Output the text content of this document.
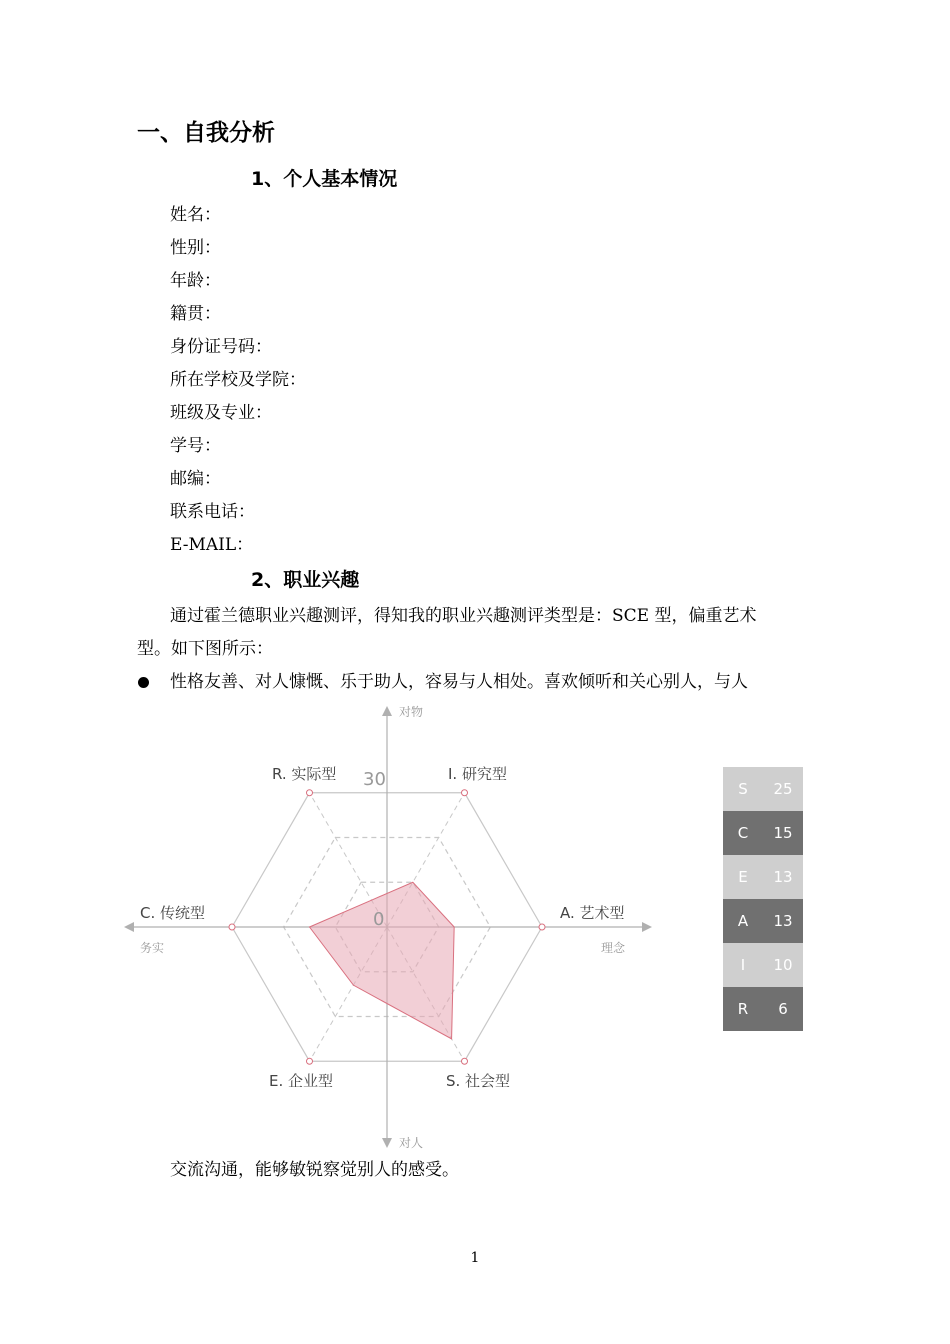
一、自我分析
1、个人基本情况
姓名：
性别：
年龄：
籍贯：
身份证号码：
所在学校及学院：
班级及专业：
学号：
邮编：
联系电话：
E-MAIL：
2、职业兴趣
通过霍兰德职业兴趣测评，得知我的职业兴趣测评类型是：SCE 型，偏重艺术
型。如下图所示：
性格友善、对人慷慨、乐于助人，容易与人相处。喜欢倾听和关心别人，与人
R. 实际型	I. 研究型
A. 艺术型
S. 社会型
E. 企业型
C. 传统型	0
30
对物
对人
务实	理念
S	25
C	15
E	13
A	13
I	10
R	6
交流沟通，能够敏锐察觉别人的感受。
1
